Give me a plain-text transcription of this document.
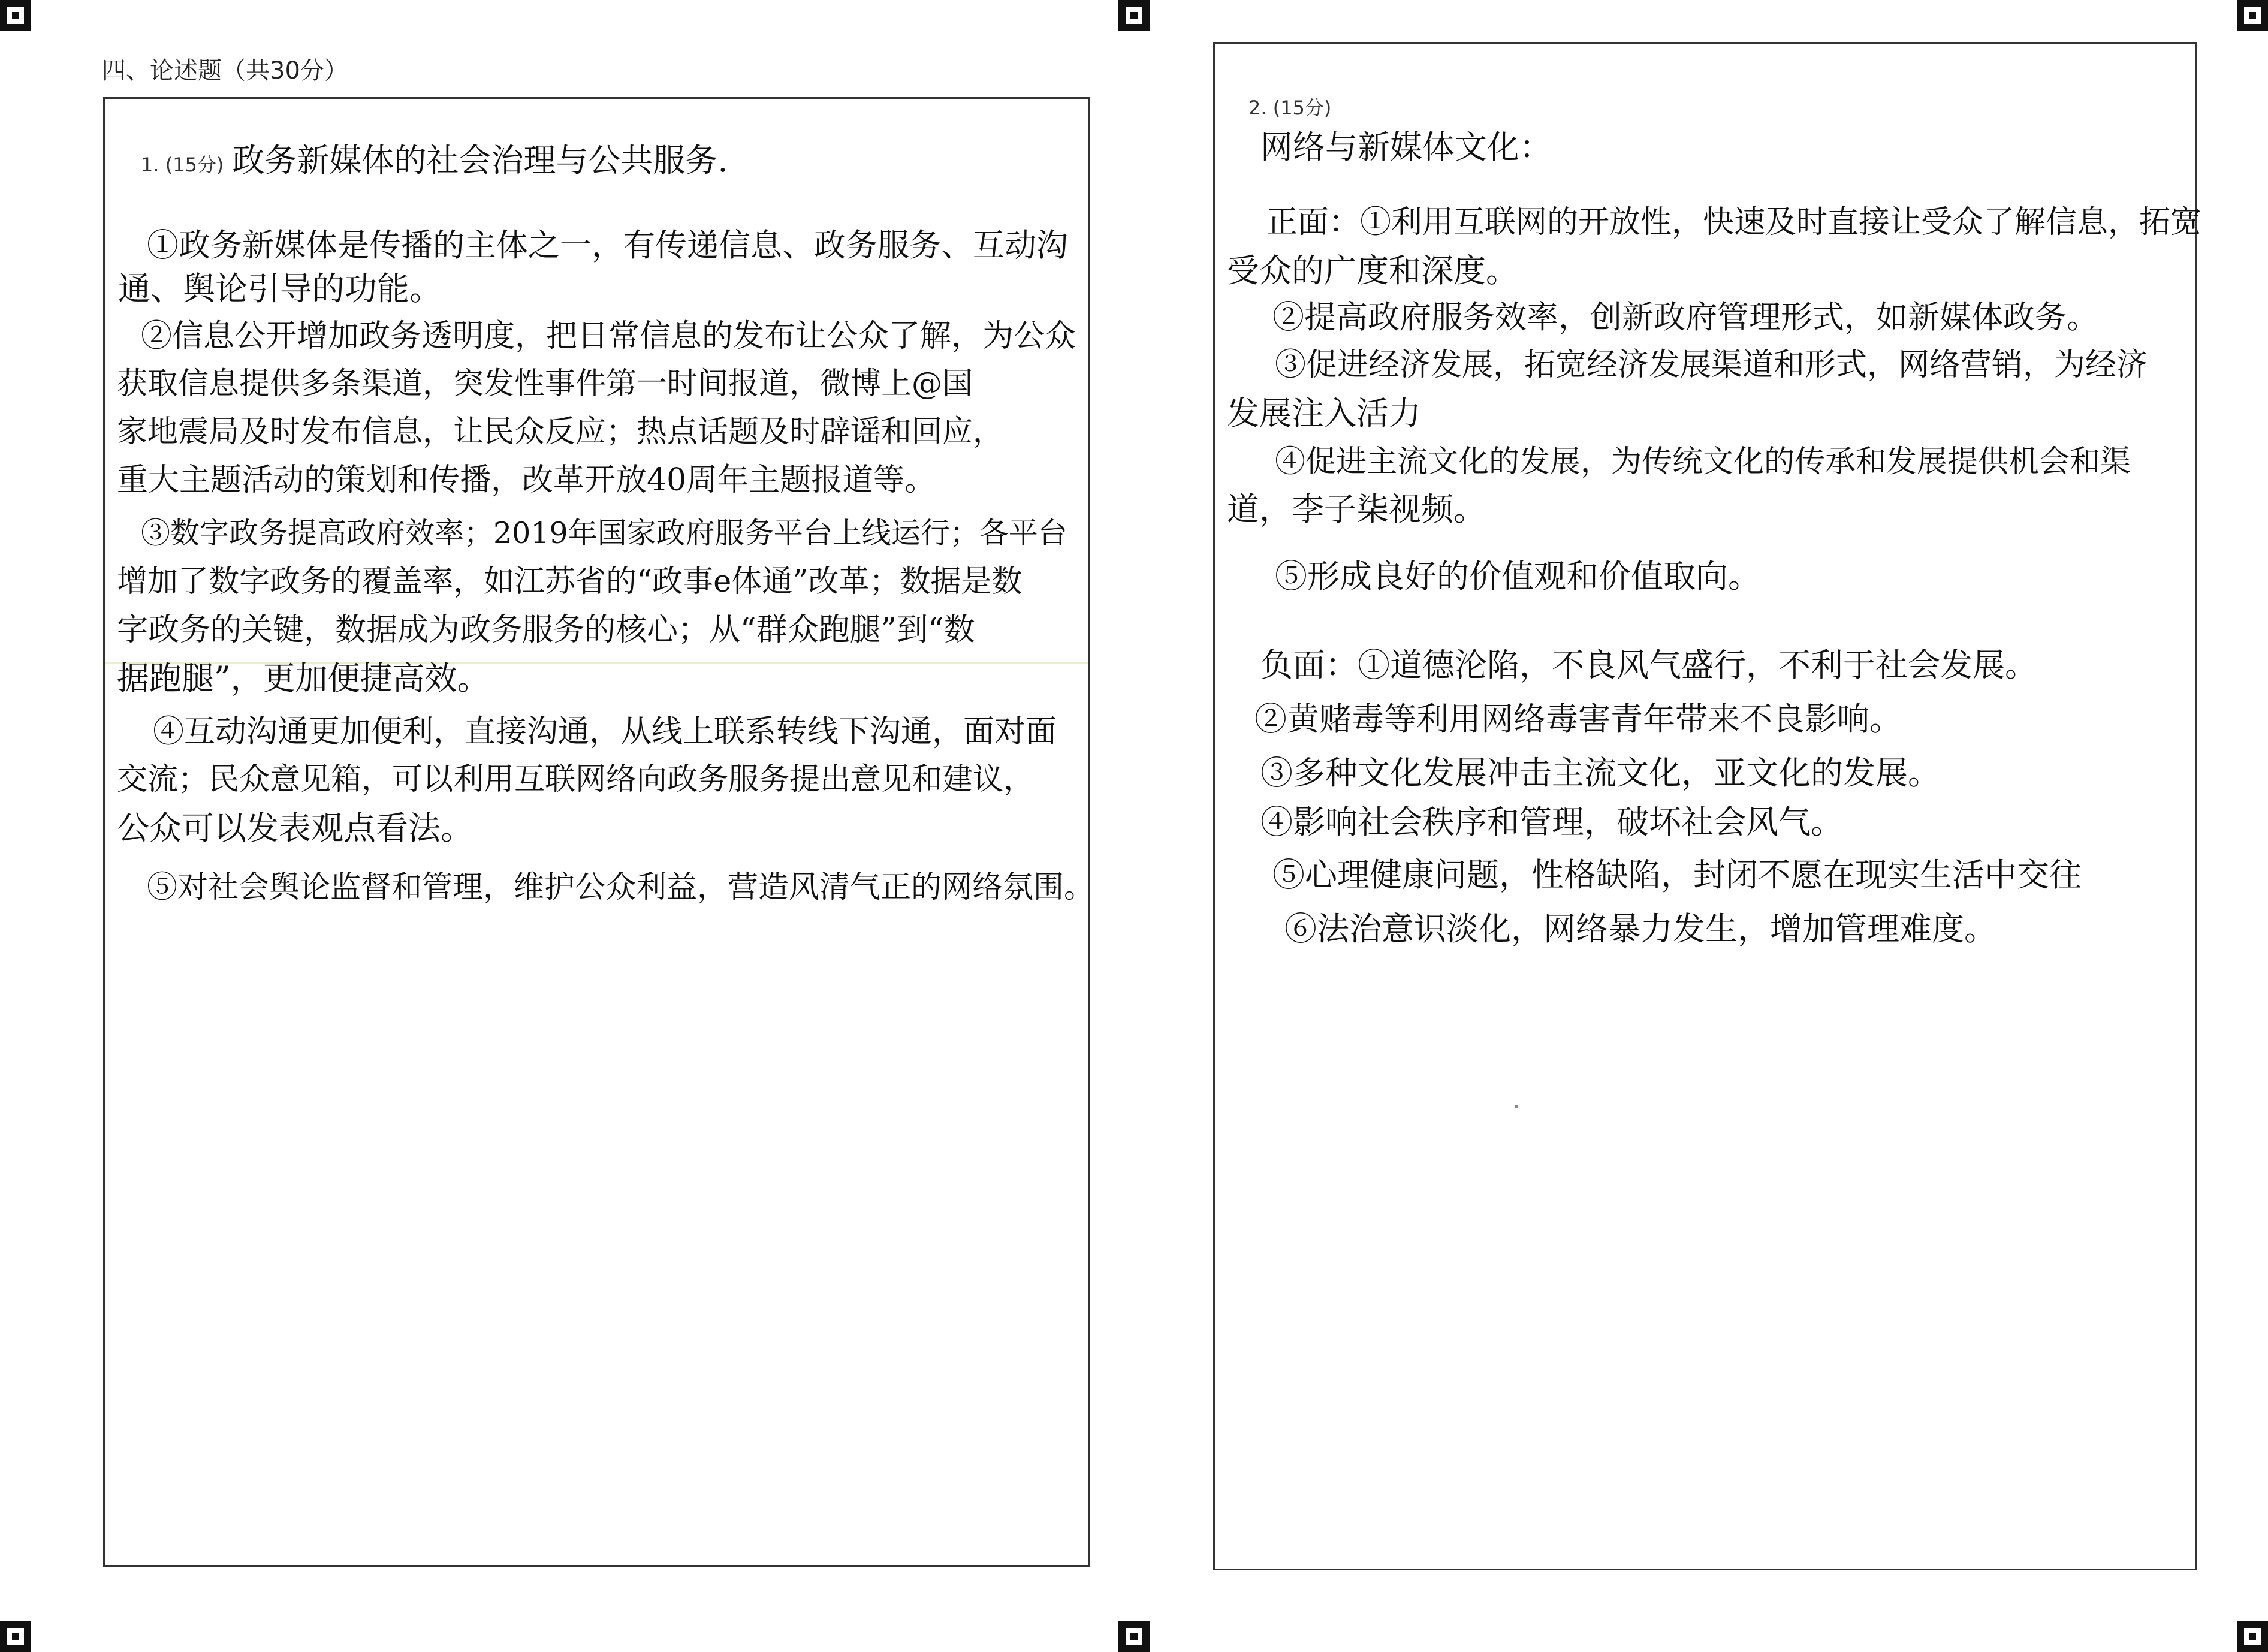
四、论述题（共30分）
1. (15分) 政务新媒体的社会治理与公共服务.
①政务新媒体是传播的主体之一，有传递信息、政务服务、互动沟
通、舆论引导的功能。
②信息公开增加政务透明度，把日常信息的发布让公众了解，为公众
获取信息提供多条渠道，突发性事件第一时间报道，微博上@国
家地震局及时发布信息，让民众反应；热点话题及时辟谣和回应，
重大主题活动的策划和传播，改革开放40周年主题报道等。
③数字政务提高政府效率；2019年国家政府服务平台上线运行；各平台
增加了数字政务的覆盖率，如江苏省的“政事e体通”改革；数据是数
字政务的关键，数据成为政务服务的核心；从“群众跑腿”到“数
据跑腿”，更加便捷高效。
④互动沟通更加便利，直接沟通，从线上联系转线下沟通，面对面
交流；民众意见箱，可以利用互联网络向政务服务提出意见和建议，
公众可以发表观点看法。
⑤对社会舆论监督和管理，维护公众利益，营造风清气正的网络氛围。
2. (15分)
网络与新媒体文化：
正面：①利用互联网的开放性，快速及时直接让受众了解信息，拓宽
受众的广度和深度。
②提高政府服务效率，创新政府管理形式，如新媒体政务。
③促进经济发展，拓宽经济发展渠道和形式，网络营销，为经济
发展注入活力
④促进主流文化的发展，为传统文化的传承和发展提供机会和渠
道，李子柒视频。
⑤形成良好的价值观和价值取向。
负面：①道德沦陷，不良风气盛行，不利于社会发展。
②黄赌毒等利用网络毒害青年带来不良影响。
③多种文化发展冲击主流文化，亚文化的发展。
④影响社会秩序和管理，破坏社会风气。
⑤心理健康问题，性格缺陷，封闭不愿在现实生活中交往
⑥法治意识淡化，网络暴力发生，增加管理难度。
